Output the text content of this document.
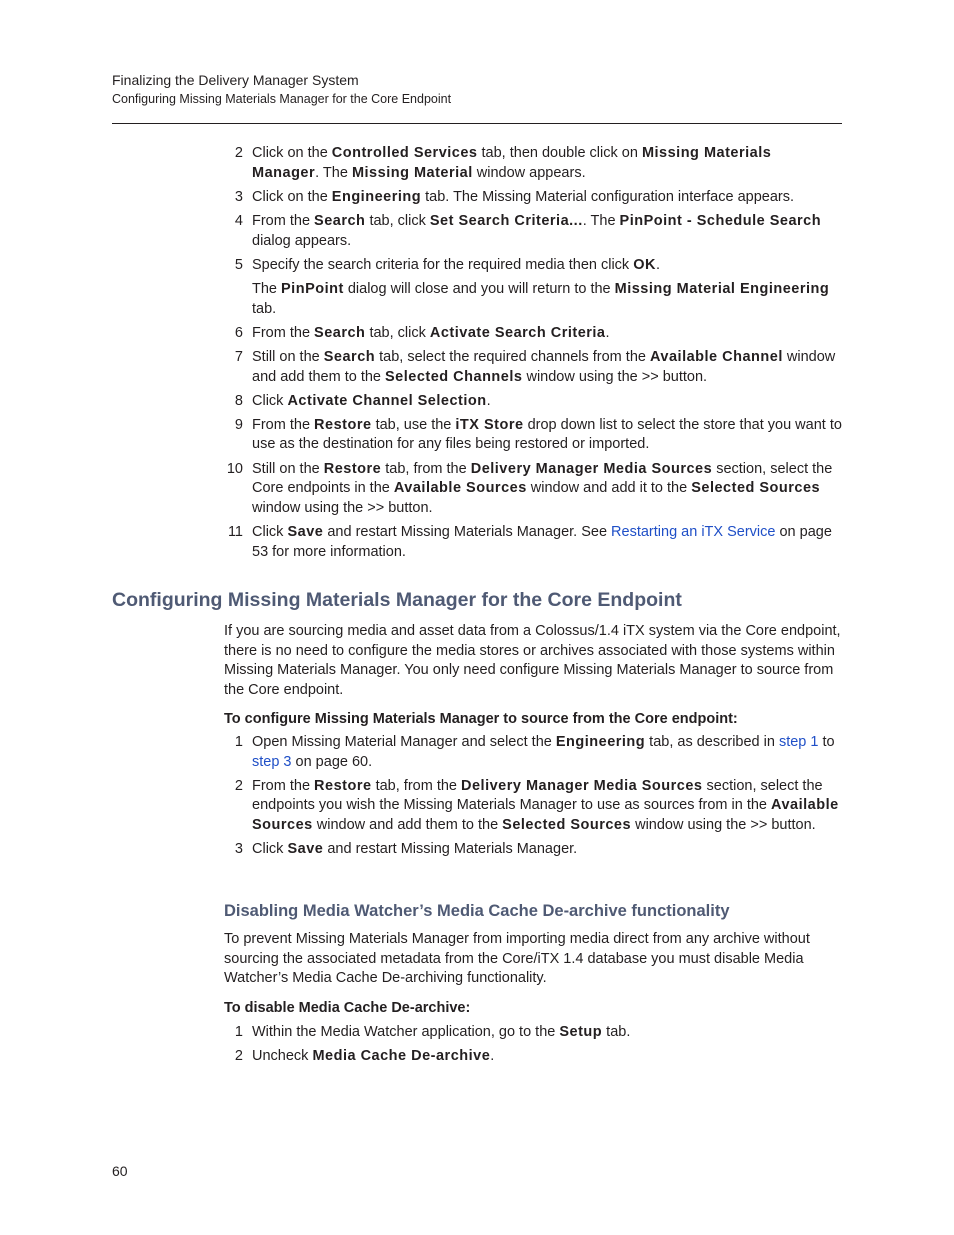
Finalizing the Delivery Manager System
Configuring Missing Materials Manager for the Core Endpoint
2 Click on the Controlled Services tab, then double click on Missing Materials Manager. The Missing Material window appears.
3 Click on the Engineering tab. The Missing Material configuration interface appears.
4 From the Search tab, click Set Search Criteria.... The PinPoint - Schedule Search dialog appears.
5 Specify the search criteria for the required media then click OK.
The PinPoint dialog will close and you will return to the Missing Material Engineering tab.
6 From the Search tab, click Activate Search Criteria.
7 Still on the Search tab, select the required channels from the Available Channel window and add them to the Selected Channels window using the >> button.
8 Click Activate Channel Selection.
9 From the Restore tab, use the iTX Store drop down list to select the store that you want to use as the destination for any files being restored or imported.
10 Still on the Restore tab, from the Delivery Manager Media Sources section, select the Core endpoints in the Available Sources window and add it to the Selected Sources window using the >> button.
11 Click Save and restart Missing Materials Manager. See Restarting an iTX Service on page 53 for more information.
Configuring Missing Materials Manager for the Core Endpoint

If you are sourcing media and asset data from a Colossus/1.4 iTX system via the Core endpoint, there is no need to configure the media stores or archives associated with those systems within Missing Materials Manager. You only need configure Missing Materials Manager to source from the Core endpoint.

To configure Missing Materials Manager to source from the Core endpoint:

1 Open Missing Material Manager and select the Engineering tab, as described in step 1 to step 3 on page 60.
2 From the Restore tab, from the Delivery Manager Media Sources section, select the endpoints you wish the Missing Materials Manager to use as sources from in the Available Sources window and add them to the Selected Sources window using the >> button.
3 Click Save and restart Missing Materials Manager.
Disabling Media Watcher’s Media Cache De-archive functionality

To prevent Missing Materials Manager from importing media direct from any archive without sourcing the associated metadata from the Core/iTX 1.4 database you must disable Media Watcher’s Media Cache De-archiving functionality.

To disable Media Cache De-archive:

1 Within the Media Watcher application, go to the Setup tab.
2 Uncheck Media Cache De-archive.
60
